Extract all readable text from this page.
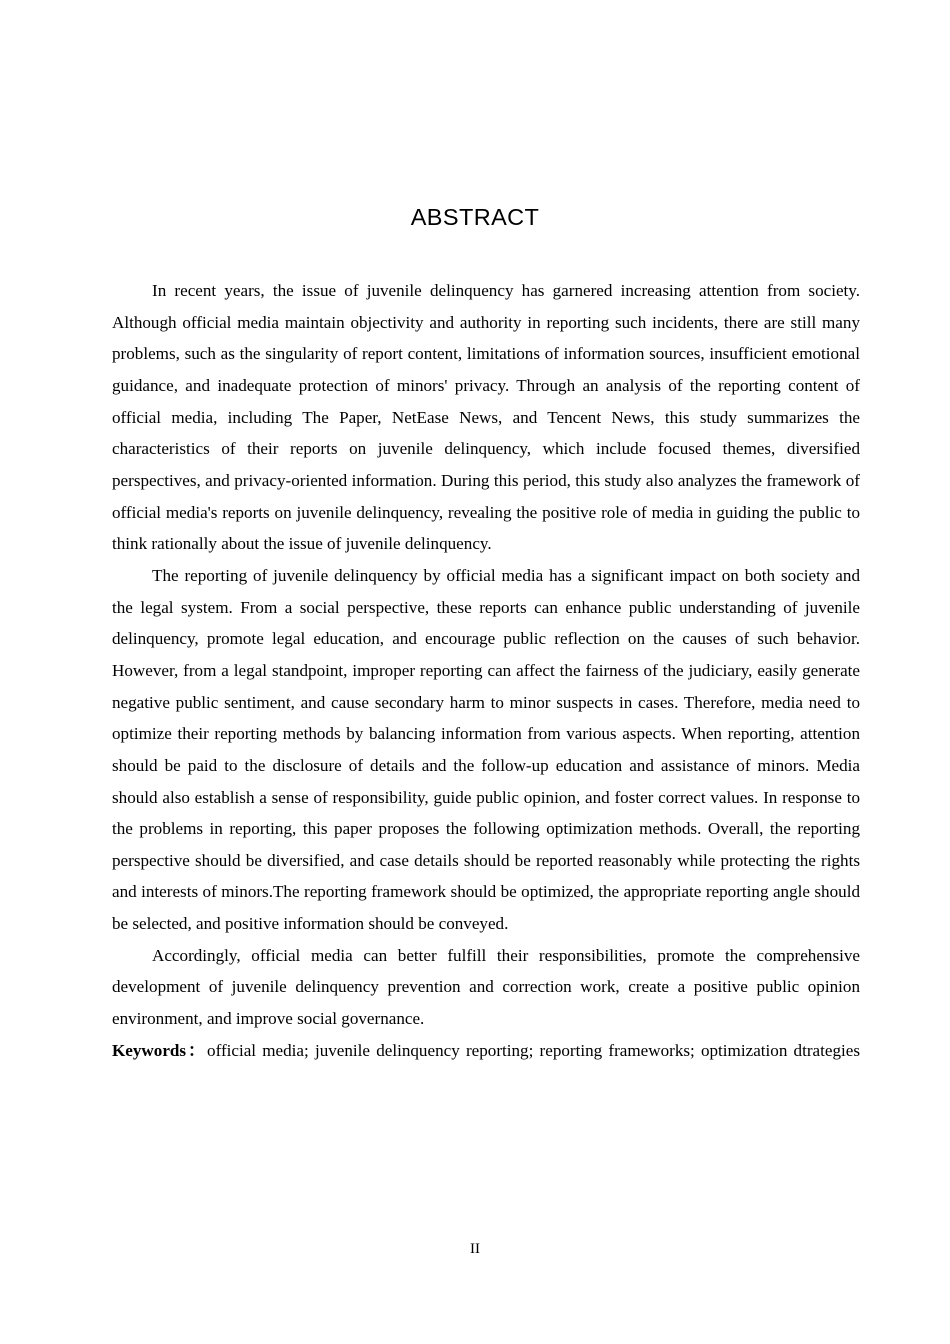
ABSTRACT

In recent years, the issue of juvenile delinquency has garnered increasing attention from society. Although official media maintain objectivity and authority in reporting such incidents, there are still many problems, such as the singularity of report content, limitations of information sources, insufficient emotional guidance, and inadequate protection of minors' privacy. Through an analysis of the reporting content of official media, including The Paper, NetEase News, and Tencent News, this study summarizes the characteristics of their reports on juvenile delinquency, which include focused themes, diversified perspectives, and privacy-oriented information. During this period, this study also analyzes the framework of official media's reports on juvenile delinquency, revealing the positive role of media in guiding the public to think rationally about the issue of juvenile delinquency.

The reporting of juvenile delinquency by official media has a significant impact on both society and the legal system. From a social perspective, these reports can enhance public understanding of juvenile delinquency, promote legal education, and encourage public reflection on the causes of such behavior. However, from a legal standpoint, improper reporting can affect the fairness of the judiciary, easily generate negative public sentiment, and cause secondary harm to minor suspects in cases. Therefore, media need to optimize their reporting methods by balancing information from various aspects. When reporting, attention should be paid to the disclosure of details and the follow-up education and assistance of minors. Media should also establish a sense of responsibility, guide public opinion, and foster correct values. In response to the problems in reporting, this paper proposes the following optimization methods. Overall, the reporting perspective should be diversified, and case details should be reported reasonably while protecting the rights and interests of minors.The reporting framework should be optimized, the appropriate reporting angle should be selected, and positive information should be conveyed.

Accordingly, official media can better fulfill their responsibilities, promote the comprehensive development of juvenile delinquency prevention and correction work, create a positive public opinion environment, and improve social governance.

Keywords：official media; juvenile delinquency reporting; reporting frameworks; optimization dtrategies

II
